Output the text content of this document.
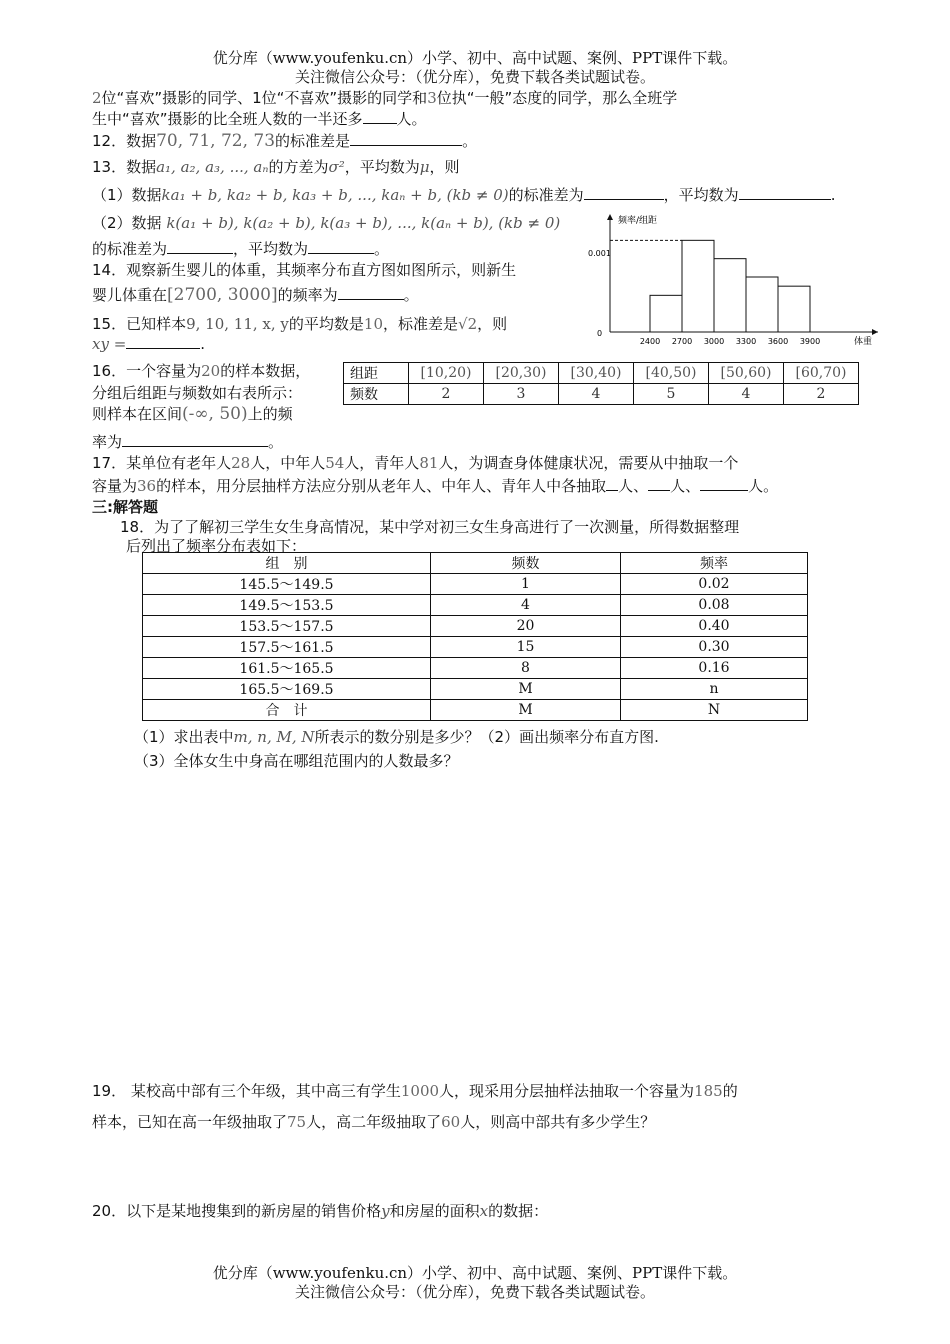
优分库（www.youfenku.cn）小学、初中、高中试题、案例、PPT课件下载。
关注微信公众号：（优分库），免费下载各类试题试卷。
2位“喜欢”摄影的同学、1位“不喜欢”摄影的同学和3位执“一般”态度的同学，那么全班学
生中“喜欢”摄影的比全班人数的一半还多 人。
12．数据70, 71, 72, 73的标准差是	。
13．数据a₁, a₂, a₃, ..., aₙ的方差为σ²，平均数为μ，则
（1）数据ka₁ + b, ka₂ + b, ka₃ + b, ..., kaₙ + b, (kb ≠ 0)的标准差为	，平均数为	.
（2）数据 k(a₁ + b), k(a₂ + b), k(a₃ + b), ..., k(aₙ + b), (kb ≠ 0)
的标准差为	，平均数为	。
14．观察新生婴儿的体重，其频率分布直方图如图所示，则新生
婴儿体重在[2700, 3000]的频率为	。
频率/组距
体重
0.001
0
2400 2700 3000 3300 3600 3900
15．已知样本9, 10, 11, x, y的平均数是10，标准差是√2，则
xy =	.
16．一个容量为20的样本数据，
分组后组距与频数如右表所示：
则样本在区间(-∞, 50)上的频
率为	。
组距	[10,20)	[20,30)	[30,40)	[40,50)	[50,60)	[60,70)
频数	2	3	4	5	4	2
17．某单位有老年人28人，中年人54人，青年人81人，为调查身体健康状况，需要从中抽取一个
容量为36的样本，用分层抽样方法应分别从老年人、中年人、青年人中各抽取 人、 人、	人。
三:解答题
18．为了了解初三学生女生身高情况，某中学对初三女生身高进行了一次测量，所得数据整理
后列出了频率分布表如下：
组　别	频数	频率
145.5～149.5	1	0.02
149.5～153.5	4	0.08
153.5～157.5	20	0.40
157.5～161.5	15	0.30
161.5～165.5	8	0.16
165.5～169.5	M	n
合　计	M	N
（1）求出表中m, n, M, N所表示的数分别是多少？（2）画出频率分布直方图.
（3）全体女生中身高在哪组范围内的人数最多？
19． 某校高中部有三个年级，其中高三有学生1000人，现采用分层抽样法抽取一个容量为185的
样本，已知在高一年级抽取了75人，高二年级抽取了60人，则高中部共有多少学生？
20．以下是某地搜集到的新房屋的销售价格y和房屋的面积x的数据：
优分库（www.youfenku.cn）小学、初中、高中试题、案例、PPT课件下载。
关注微信公众号：（优分库），免费下载各类试题试卷。
